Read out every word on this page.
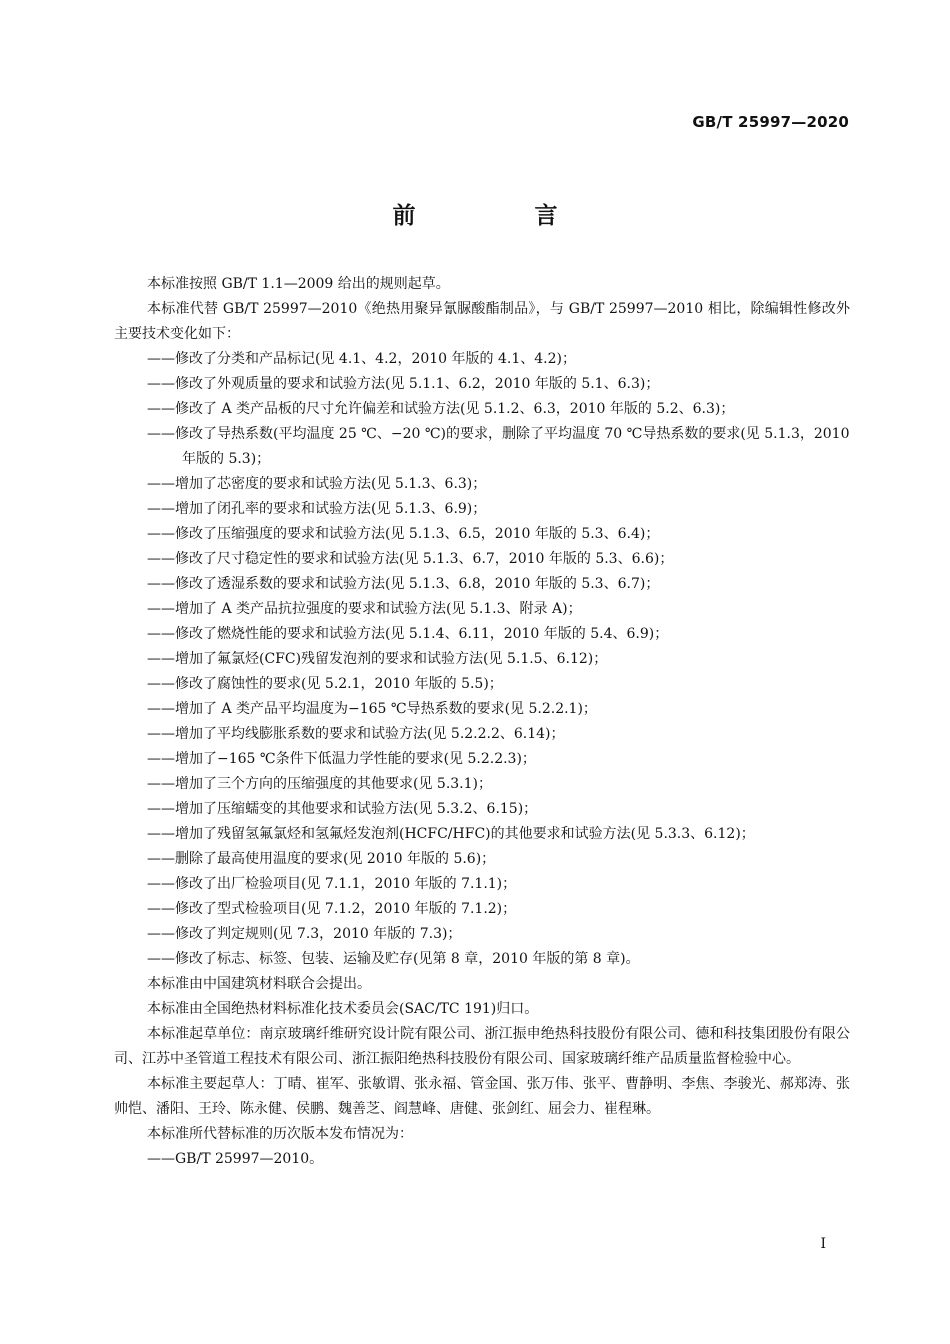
GB/T 25997—2020
前　言

本标准按照 GB/T 1.1—2009 给出的规则起草。

本标准代替 GB/T 25997—2010《绝热用聚异氰脲酸酯制品》，与 GB/T 25997—2010 相比，除编辑性修改外主要技术变化如下：

——修改了分类和产品标记(见 4.1、4.2，2010 年版的 4.1、4.2)；

——修改了外观质量的要求和试验方法(见 5.1.1、6.2，2010 年版的 5.1、6.3)；

——修改了 A 类产品板的尺寸允许偏差和试验方法(见 5.1.2、6.3，2010 年版的 5.2、6.3)；

——修改了导热系数(平均温度 25 ℃、−20 ℃)的要求，删除了平均温度 70 ℃导热系数的要求(见 5.1.3，2010 年版的 5.3)；

——增加了芯密度的要求和试验方法(见 5.1.3、6.3)；

——增加了闭孔率的要求和试验方法(见 5.1.3、6.9)；

——修改了压缩强度的要求和试验方法(见 5.1.3、6.5，2010 年版的 5.3、6.4)；

——修改了尺寸稳定性的要求和试验方法(见 5.1.3、6.7，2010 年版的 5.3、6.6)；

——修改了透湿系数的要求和试验方法(见 5.1.3、6.8，2010 年版的 5.3、6.7)；

——增加了 A 类产品抗拉强度的要求和试验方法(见 5.1.3、附录 A)；

——修改了燃烧性能的要求和试验方法(见 5.1.4、6.11，2010 年版的 5.4、6.9)；

——增加了氟氯烃(CFC)残留发泡剂的要求和试验方法(见 5.1.5、6.12)；

——修改了腐蚀性的要求(见 5.2.1，2010 年版的 5.5)；

——增加了 A 类产品平均温度为−165 ℃导热系数的要求(见 5.2.2.1)；

——增加了平均线膨胀系数的要求和试验方法(见 5.2.2.2、6.14)；

——增加了−165 ℃条件下低温力学性能的要求(见 5.2.2.3)；

——增加了三个方向的压缩强度的其他要求(见 5.3.1)；

——增加了压缩蠕变的其他要求和试验方法(见 5.3.2、6.15)；

——增加了残留氢氟氯烃和氢氟烃发泡剂(HCFC/HFC)的其他要求和试验方法(见 5.3.3、6.12)；

——删除了最高使用温度的要求(见 2010 年版的 5.6)；

——修改了出厂检验项目(见 7.1.1，2010 年版的 7.1.1)；

——修改了型式检验项目(见 7.1.2，2010 年版的 7.1.2)；

——修改了判定规则(见 7.3，2010 年版的 7.3)；

——修改了标志、标签、包装、运输及贮存(见第 8 章，2010 年版的第 8 章)。

本标准由中国建筑材料联合会提出。

本标准由全国绝热材料标准化技术委员会(SAC/TC 191)归口。

本标准起草单位：南京玻璃纤维研究设计院有限公司、浙江振申绝热科技股份有限公司、德和科技集团股份有限公司、江苏中圣管道工程技术有限公司、浙江振阳绝热科技股份有限公司、国家玻璃纤维产品质量监督检验中心。

本标准主要起草人：丁晴、崔军、张敏谓、张永福、管金国、张万伟、张平、曹静明、李焦、李骏光、郝郑涛、张帅恺、潘阳、王玲、陈永健、侯鹏、魏善芝、阎慧峰、唐健、张剑红、屈会力、崔程琳。

本标准所代替标准的历次版本发布情况为：

——GB/T 25997—2010。

I
